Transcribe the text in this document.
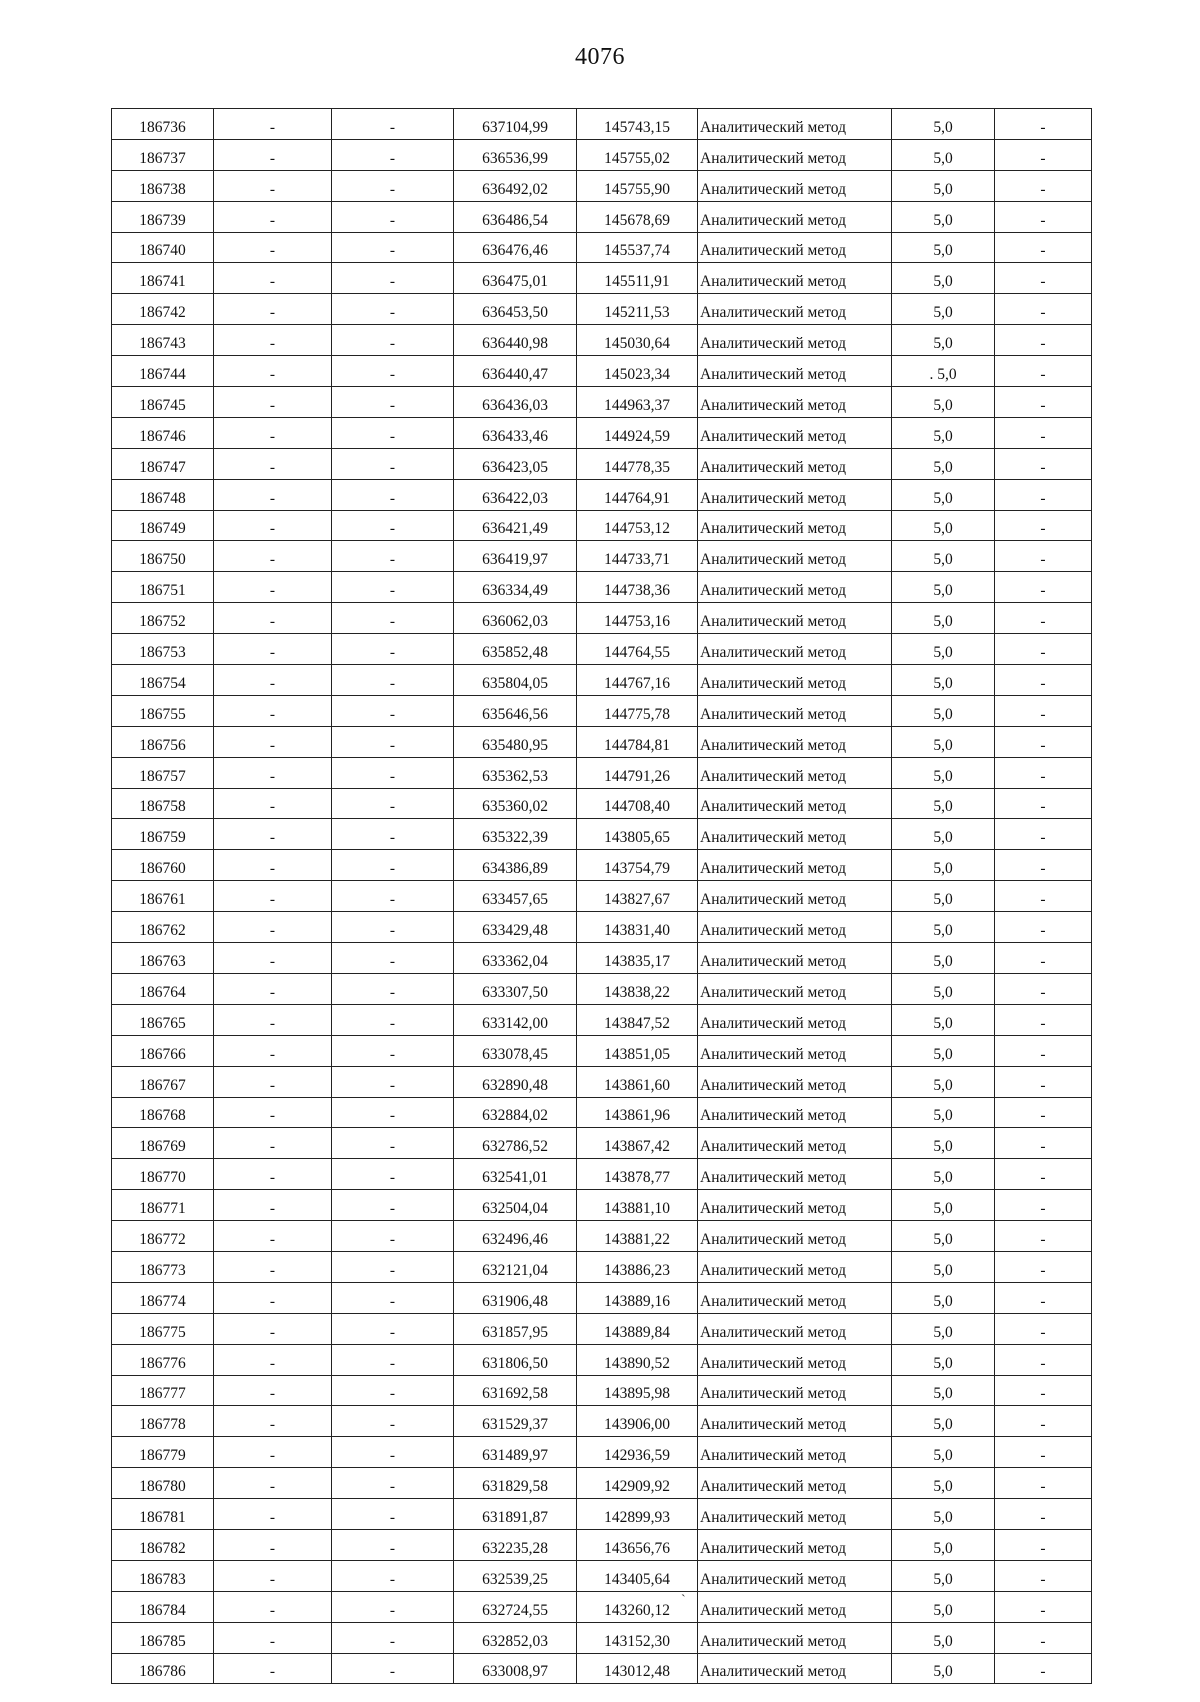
4076
186736	-	-	637104,99	145743,15	Аналитический метод	5,0	-
186737	-	-	636536,99	145755,02	Аналитический метод	5,0	-
186738	-	-	636492,02	145755,90	Аналитический метод	5,0	-
186739	-	-	636486,54	145678,69	Аналитический метод	5,0	-
186740	-	-	636476,46	145537,74	Аналитический метод	5,0	-
186741	-	-	636475,01	145511,91	Аналитический метод	5,0	-
186742	-	-	636453,50	145211,53	Аналитический метод	5,0	-
186743	-	-	636440,98	145030,64	Аналитический метод	5,0	-
186744	-	-	636440,47	145023,34	Аналитический метод	. 5,0	-
186745	-	-	636436,03	144963,37	Аналитический метод	5,0	-
186746	-	-	636433,46	144924,59	Аналитический метод	5,0	-
186747	-	-	636423,05	144778,35	Аналитический метод	5,0	-
186748	-	-	636422,03	144764,91	Аналитический метод	5,0	-
186749	-	-	636421,49	144753,12	Аналитический метод	5,0	-
186750	-	-	636419,97	144733,71	Аналитический метод	5,0	-
186751	-	-	636334,49	144738,36	Аналитический метод	5,0	-
186752	-	-	636062,03	144753,16	Аналитический метод	5,0	-
186753	-	-	635852,48	144764,55	Аналитический метод	5,0	-
186754	-	-	635804,05	144767,16	Аналитический метод	5,0	-
186755	-	-	635646,56	144775,78	Аналитический метод	5,0	-
186756	-	-	635480,95	144784,81	Аналитический метод	5,0	-
186757	-	-	635362,53	144791,26	Аналитический метод	5,0	-
186758	-	-	635360,02	144708,40	Аналитический метод	5,0	-
186759	-	-	635322,39	143805,65	Аналитический метод	5,0	-
186760	-	-	634386,89	143754,79	Аналитический метод	5,0	-
186761	-	-	633457,65	143827,67	Аналитический метод	5,0	-
186762	-	-	633429,48	143831,40	Аналитический метод	5,0	-
186763	-	-	633362,04	143835,17	Аналитический метод	5,0	-
186764	-	-	633307,50	143838,22	Аналитический метод	5,0	-
186765	-	-	633142,00	143847,52	Аналитический метод	5,0	-
186766	-	-	633078,45	143851,05	Аналитический метод	5,0	-
186767	-	-	632890,48	143861,60	Аналитический метод	5,0	-
186768	-	-	632884,02	143861,96	Аналитический метод	5,0	-
186769	-	-	632786,52	143867,42	Аналитический метод	5,0	-
186770	-	-	632541,01	143878,77	Аналитический метод	5,0	-
186771	-	-	632504,04	143881,10	Аналитический метод	5,0	-
186772	-	-	632496,46	143881,22	Аналитический метод	5,0	-
186773	-	-	632121,04	143886,23	Аналитический метод	5,0	-
186774	-	-	631906,48	143889,16	Аналитический метод	5,0	-
186775	-	-	631857,95	143889,84	Аналитический метод	5,0	-
186776	-	-	631806,50	143890,52	Аналитический метод	5,0	-
186777	-	-	631692,58	143895,98	Аналитический метод	5,0	-
186778	-	-	631529,37	143906,00	Аналитический метод	5,0	-
186779	-	-	631489,97	142936,59	Аналитический метод	5,0	-
186780	-	-	631829,58	142909,92	Аналитический метод	5,0	-
186781	-	-	631891,87	142899,93	Аналитический метод	5,0	-
186782	-	-	632235,28	143656,76	Аналитический метод	5,0	-
186783	-	-	632539,25	143405,64	Аналитический метод	5,0	-
186784	-	-	632724,55	143260,12	Аналитический метод	5,0	-
186785	-	-	632852,03	143152,30	Аналитический метод	5,0	-
186786	-	-	633008,97	143012,48	Аналитический метод	5,0	-
`
